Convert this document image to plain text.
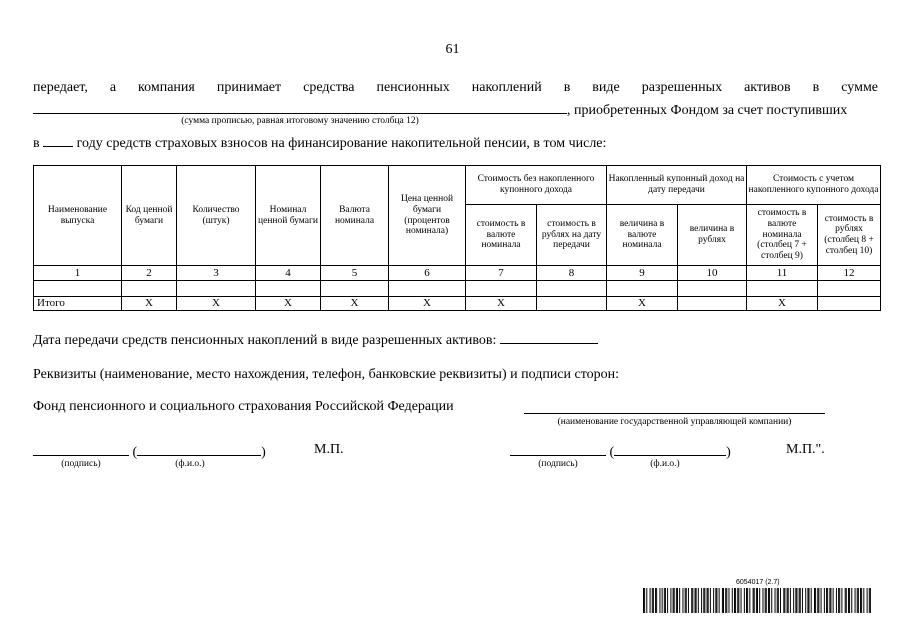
61
передает, а компания принимает средства пенсионных накоплений в виде разрешенных активов в сумме
, приобретенных Фондом за счет поступивших
(сумма прописью, равная итоговому значению столбца 12)
в	году средств страховых взносов на финансирование накопительной пенсии, в том числе:
Наименование выпуска	Код ценной бумаги	Количество (штук)	Номинал ценной бумаги	Валюта номинала	Цена ценной бумаги (процентов номинала)	Стоимость без накопленного купонного дохода		Накопленный купонный доход на дату передачи		Стоимость с учетом накопленного купонного дохода	
						стоимость в валюте номинала	стоимость в рублях на дату передачи	величина в валюте номинала	величина в рублях	стоимость в валюте номинала (столбец 7 + столбец 9)	стоимость в рублях (столбец 8 + столбец 10)
1	2	3	4	5	6	7	8	9	10	11	12

Итого	X	X	X	X	X	X		X		X	
Дата передачи средств пенсионных накоплений в виде разрешенных активов:
Реквизиты (наименование, место нахождения, телефон, банковские реквизиты) и подписи сторон:
Фонд пенсионного и социального страхования Российской Федерации
(наименование государственной управляющей компании)
(	)	М.П.
(подпись)	(ф.и.о.)
(	)	М.П.".
(подпись)	(ф.и.о.)
6054017 (2.7)
